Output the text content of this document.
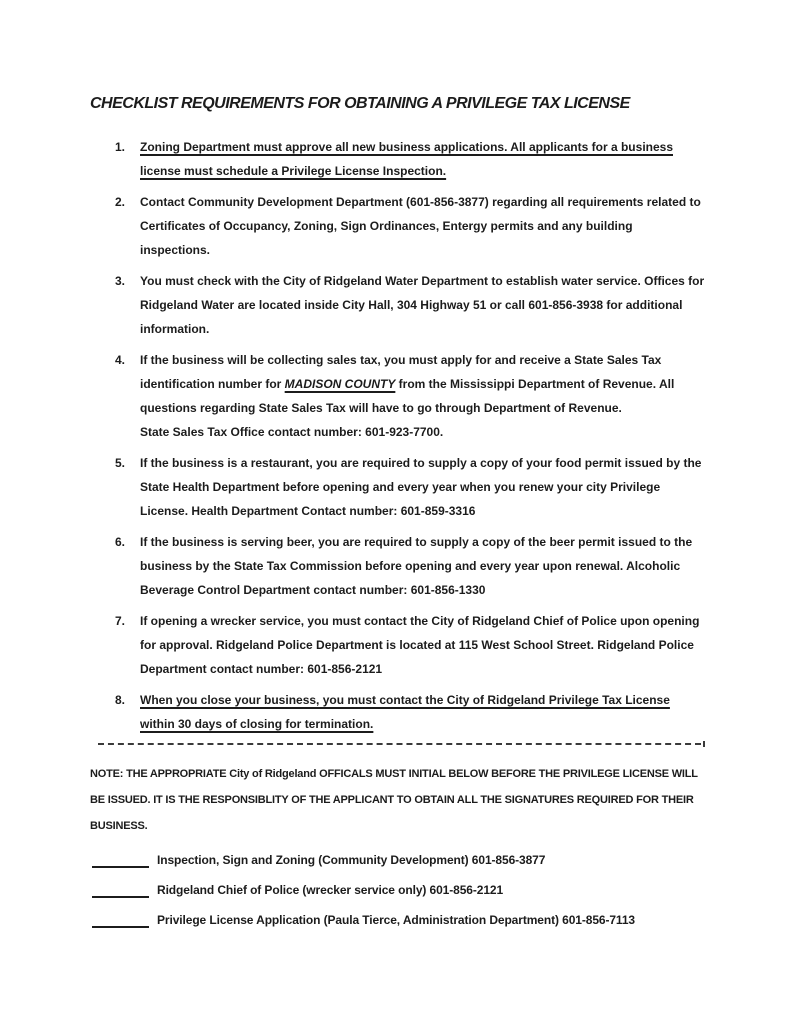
CHECKLIST REQUIREMENTS FOR OBTAINING A PRIVILEGE TAX LICENSE
1.	Zoning Department must approve all new business applications. All applicants for a business license must schedule a Privilege License Inspection.
2.	Contact Community Development Department (601-856-3877) regarding all requirements related to Certificates of Occupancy, Zoning, Sign Ordinances, Entergy permits and any building inspections.
3.	You must check with the City of Ridgeland Water Department to establish water service. Offices for Ridgeland Water are located inside City Hall, 304 Highway 51 or call 601-856-3938 for additional information.
4.	If the business will be collecting sales tax, you must apply for and receive a State Sales Tax identification number for MADISON COUNTY from the Mississippi Department of Revenue. All questions regarding State Sales Tax will have to go through Department of Revenue.
State Sales Tax Office contact number: 601-923-7700.
5.	If the business is a restaurant, you are required to supply a copy of your food permit issued by the State Health Department before opening and every year when you renew your city Privilege License. Health Department Contact number: 601-859-3316
6.	If the business is serving beer, you are required to supply a copy of the beer permit issued to the business by the State Tax Commission before opening and every year upon renewal. Alcoholic Beverage Control Department contact number: 601-856-1330
7.	If opening a wrecker service, you must contact the City of Ridgeland Chief of Police upon opening for approval. Ridgeland Police Department is located at 115 West School Street. Ridgeland Police Department contact number: 601-856-2121
8.	When you close your business, you must contact the City of Ridgeland Privilege Tax License within 30 days of closing for termination.

NOTE: THE APPROPRIATE City of Ridgeland OFFICALS MUST INITIAL BELOW BEFORE THE PRIVILEGE LICENSE WILL BE ISSUED. IT IS THE RESPONSIBLITY OF THE APPLICANT TO OBTAIN ALL THE SIGNATURES REQUIRED FOR THEIR BUSINESS.

Inspection, Sign and Zoning (Community Development) 601-856-3877
Ridgeland Chief of Police (wrecker service only) 601-856-2121
Privilege License Application (Paula Tierce, Administration Department) 601-856-7113
